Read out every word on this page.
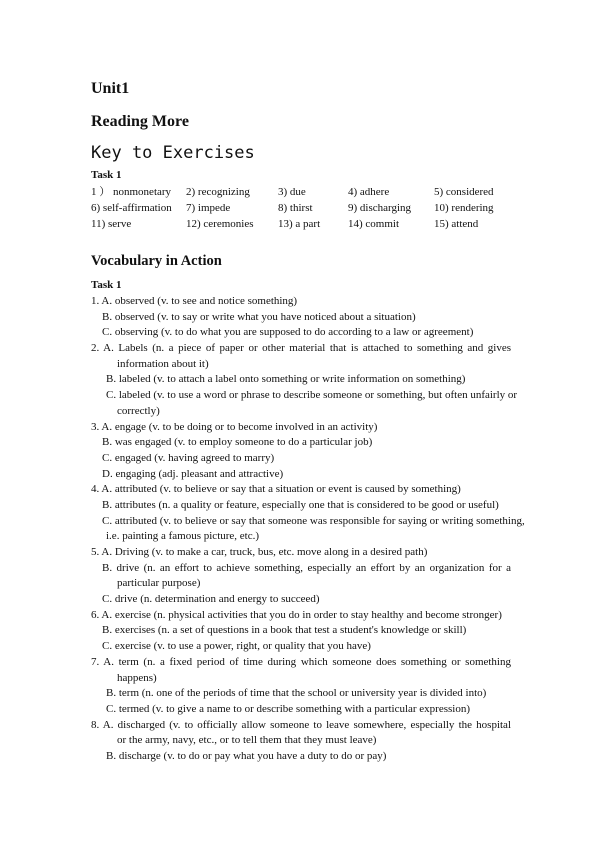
Unit1
Reading More
Key to Exercises
Task 1
1 ） nonmonetary	2) recognizing	3) due	4) adhere	5) considered
6) self-affirmation	7) impede	8) thirst	9) discharging	10) rendering
11) serve	12) ceremonies	13) a part	14) commit	15) attend
Vocabulary in Action
Task 1
1. A. observed (v. to see and notice something)
B. observed (v. to say or write what you have noticed about a situation)
C. observing (v. to do what you are supposed to do according to a law or agreement)
2. A. Labels (n. a piece of paper or other material that is attached to something and gives
information about it)
B. labeled (v. to attach a label onto something or write information on something)
C. labeled (v. to use a word or phrase to describe someone or something, but often unfairly or
correctly)
3. A. engage (v. to be doing or to become involved in an activity)
B. was engaged (v. to employ someone to do a particular job)
C. engaged (v. having agreed to marry)
D. engaging (adj. pleasant and attractive)
4. A. attributed (v. to believe or say that a situation or event is caused by something)
B. attributes (n. a quality or feature, especially one that is considered to be good or useful)
C. attributed (v. to believe or say that someone was responsible for saying or writing something,
i.e. painting a famous picture, etc.)
5. A. Driving (v. to make a car, truck, bus, etc. move along in a desired path)
B. drive (n. an effort to achieve something, especially an effort by an organization for a
particular purpose)
C. drive (n. determination and energy to succeed)
6. A. exercise (n. physical activities that you do in order to stay healthy and become stronger)
B. exercises (n. a set of questions in a book that test a student's knowledge or skill)
C. exercise (v. to use a power, right, or quality that you have)
7. A. term (n. a fixed period of time during which someone does something or something
happens)
B. term (n. one of the periods of time that the school or university year is divided into)
C. termed (v. to give a name to or describe something with a particular expression)
8. A. discharged (v. to officially allow someone to leave somewhere, especially the hospital
or the army, navy, etc., or to tell them that they must leave)
B. discharge (v. to do or pay what you have a duty to do or pay)
